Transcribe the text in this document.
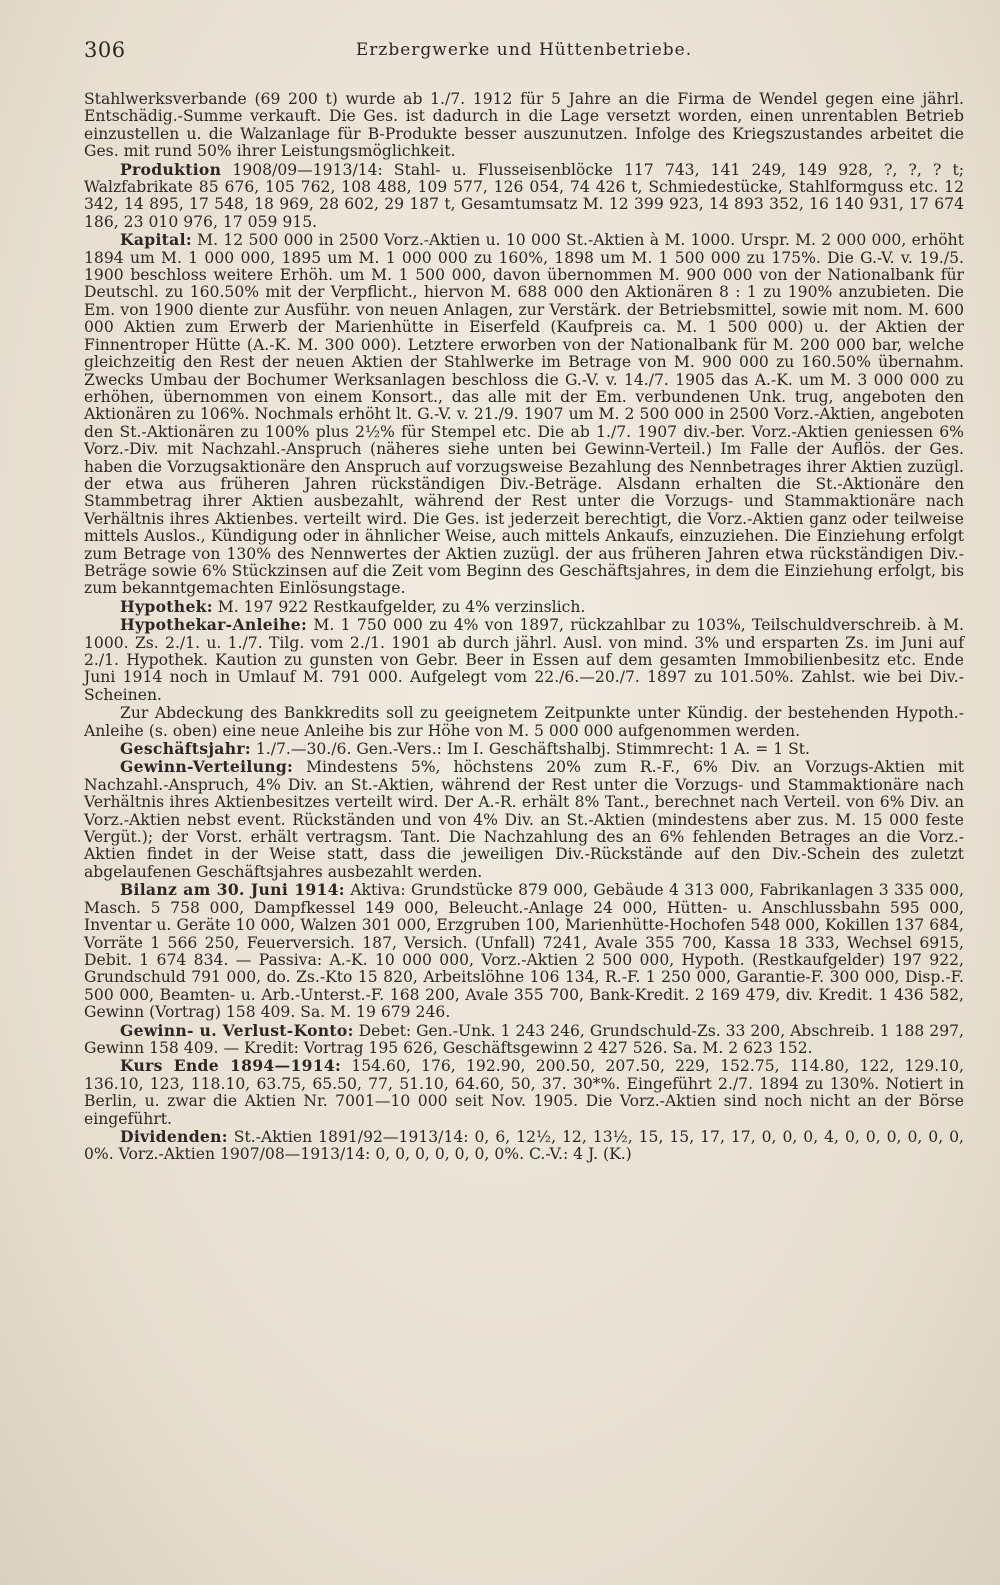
306	Erzbergwerke und Hüttenbetriebe.

Stahlwerksverbande (69 200 t) wurde ab 1./7. 1912 für 5 Jahre an die Firma de Wendel gegen eine jährl. Entschädig.-Summe verkauft. Die Ges. ist dadurch in die Lage versetzt worden, einen unrentablen Betrieb einzustellen u. die Walzanlage für B-Produkte besser auszunutzen. Infolge des Kriegszustandes arbeitet die Ges. mit rund 50% ihrer Leistungsmöglichkeit.

Produktion 1908/09—1913/14: Stahl- u. Flusseisenblöcke 117 743, 141 249, 149 928, ?, ?, ? t; Walzfabrikate 85 676, 105 762, 108 488, 109 577, 126 054, 74 426 t, Schmiedestücke, Stahlformguss etc. 12 342, 14 895, 17 548, 18 969, 28 602, 29 187 t, Gesamtumsatz M. 12 399 923, 14 893 352, 16 140 931, 17 674 186, 23 010 976, 17 059 915.

Kapital: M. 12 500 000 in 2500 Vorz.-Aktien u. 10 000 St.-Aktien à M. 1000. Urspr. M. 2 000 000, erhöht 1894 um M. 1 000 000, 1895 um M. 1 000 000 zu 160%, 1898 um M. 1 500 000 zu 175%. Die G.-V. v. 19./5. 1900 beschloss weitere Erhöh. um M. 1 500 000, davon übernommen M. 900 000 von der Nationalbank für Deutschl. zu 160.50% mit der Verpflicht., hiervon M. 688 000 den Aktionären 8 : 1 zu 190% anzubieten. Die Em. von 1900 diente zur Ausführ. von neuen Anlagen, zur Verstärk. der Betriebsmittel, sowie mit nom. M. 600 000 Aktien zum Erwerb der Marienhütte in Eiserfeld (Kaufpreis ca. M. 1 500 000) u. der Aktien der Finnentroper Hütte (A.-K. M. 300 000). Letztere erworben von der Nationalbank für M. 200 000 bar, welche gleichzeitig den Rest der neuen Aktien der Stahlwerke im Betrage von M. 900 000 zu 160.50% übernahm. Zwecks Umbau der Bochumer Werksanlagen beschloss die G.-V. v. 14./7. 1905 das A.-K. um M. 3 000 000 zu erhöhen, übernommen von einem Konsort., das alle mit der Em. verbundenen Unk. trug, angeboten den Aktionären zu 106%. Nochmals erhöht lt. G.-V. v. 21./9. 1907 um M. 2 500 000 in 2500 Vorz.-Aktien, angeboten den St.-Aktionären zu 100% plus 2½% für Stempel etc. Die ab 1./7. 1907 div.-ber. Vorz.-Aktien geniessen 6% Vorz.-Div. mit Nachzahl.-Anspruch (näheres siehe unten bei Gewinn-Verteil.) Im Falle der Auflös. der Ges. haben die Vorzugsaktionäre den Anspruch auf vorzugsweise Bezahlung des Nennbetrages ihrer Aktien zuzügl. der etwa aus früheren Jahren rückständigen Div.-Beträge. Alsdann erhalten die St.-Aktionäre den Stammbetrag ihrer Aktien ausbezahlt, während der Rest unter die Vorzugs- und Stammaktionäre nach Verhältnis ihres Aktienbes. verteilt wird. Die Ges. ist jederzeit berechtigt, die Vorz.-Aktien ganz oder teilweise mittels Auslos., Kündigung oder in ähnlicher Weise, auch mittels Ankaufs, einzuziehen. Die Einziehung erfolgt zum Betrage von 130% des Nennwertes der Aktien zuzügl. der aus früheren Jahren etwa rückständigen Div.-Beträge sowie 6% Stückzinsen auf die Zeit vom Beginn des Geschäftsjahres, in dem die Einziehung erfolgt, bis zum bekanntgemachten Einlösungstage.

Hypothek: M. 197 922 Restkaufgelder, zu 4% verzinslich.

Hypothekar-Anleihe: M. 1 750 000 zu 4% von 1897, rückzahlbar zu 103%, Teilschuldverschreib. à M. 1000. Zs. 2./1. u. 1./7. Tilg. vom 2./1. 1901 ab durch jährl. Ausl. von mind. 3% und ersparten Zs. im Juni auf 2./1. Hypothek. Kaution zu gunsten von Gebr. Beer in Essen auf dem gesamten Immobilienbesitz etc. Ende Juni 1914 noch in Umlauf M. 791 000. Aufgelegt vom 22./6.—20./7. 1897 zu 101.50%. Zahlst. wie bei Div.-Scheinen.

Zur Abdeckung des Bankkredits soll zu geeignetem Zeitpunkte unter Kündig. der bestehenden Hypoth.-Anleihe (s. oben) eine neue Anleihe bis zur Höhe von M. 5 000 000 aufgenommen werden.

Geschäftsjahr: 1./7.—30./6. Gen.-Vers.: Im I. Geschäftshalbj. Stimmrecht: 1 A. = 1 St.

Gewinn-Verteilung: Mindestens 5%, höchstens 20% zum R.-F., 6% Div. an Vorzugs-Aktien mit Nachzahl.-Anspruch, 4% Div. an St.-Aktien, während der Rest unter die Vorzugs- und Stammaktionäre nach Verhältnis ihres Aktienbesitzes verteilt wird. Der A.-R. erhält 8% Tant., berechnet nach Verteil. von 6% Div. an Vorz.-Aktien nebst event. Rückständen und von 4% Div. an St.-Aktien (mindestens aber zus. M. 15 000 feste Vergüt.); der Vorst. erhält vertragsm. Tant. Die Nachzahlung des an 6% fehlenden Betrages an die Vorz.-Aktien findet in der Weise statt, dass die jeweiligen Div.-Rückstände auf den Div.-Schein des zuletzt abgelaufenen Geschäftsjahres ausbezahlt werden.

Bilanz am 30. Juni 1914: Aktiva: Grundstücke 879 000, Gebäude 4 313 000, Fabrikanlagen 3 335 000, Masch. 5 758 000, Dampfkessel 149 000, Beleucht.-Anlage 24 000, Hütten- u. Anschlussbahn 595 000, Inventar u. Geräte 10 000, Walzen 301 000, Erzgruben 100, Marienhütte-Hochofen 548 000, Kokillen 137 684, Vorräte 1 566 250, Feuerversich. 187, Versich. (Unfall) 7241, Avale 355 700, Kassa 18 333, Wechsel 6915, Debit. 1 674 834. — Passiva: A.-K. 10 000 000, Vorz.-Aktien 2 500 000, Hypoth. (Restkaufgelder) 197 922, Grundschuld 791 000, do. Zs.-Kto 15 820, Arbeitslöhne 106 134, R.-F. 1 250 000, Garantie-F. 300 000, Disp.-F. 500 000, Beamten- u. Arb.-Unterst.-F. 168 200, Avale 355 700, Bank-Kredit. 2 169 479, div. Kredit. 1 436 582, Gewinn (Vortrag) 158 409. Sa. M. 19 679 246.

Gewinn- u. Verlust-Konto: Debet: Gen.-Unk. 1 243 246, Grundschuld-Zs. 33 200, Abschreib. 1 188 297, Gewinn 158 409. — Kredit: Vortrag 195 626, Geschäftsgewinn 2 427 526. Sa. M. 2 623 152.

Kurs Ende 1894—1914: 154.60, 176, 192.90, 200.50, 207.50, 229, 152.75, 114.80, 122, 129.10, 136.10, 123, 118.10, 63.75, 65.50, 77, 51.10, 64.60, 50, 37. 30*%. Eingeführt 2./7. 1894 zu 130%. Notiert in Berlin, u. zwar die Aktien Nr. 7001—10 000 seit Nov. 1905. Die Vorz.-Aktien sind noch nicht an der Börse eingeführt.

Dividenden: St.-Aktien 1891/92—1913/14: 0, 6, 12½, 12, 13½, 15, 15, 17, 17, 0, 0, 0, 4, 0, 0, 0, 0, 0, 0, 0%. Vorz.-Aktien 1907/08—1913/14: 0, 0, 0, 0, 0, 0, 0%. C.-V.: 4 J. (K.)
